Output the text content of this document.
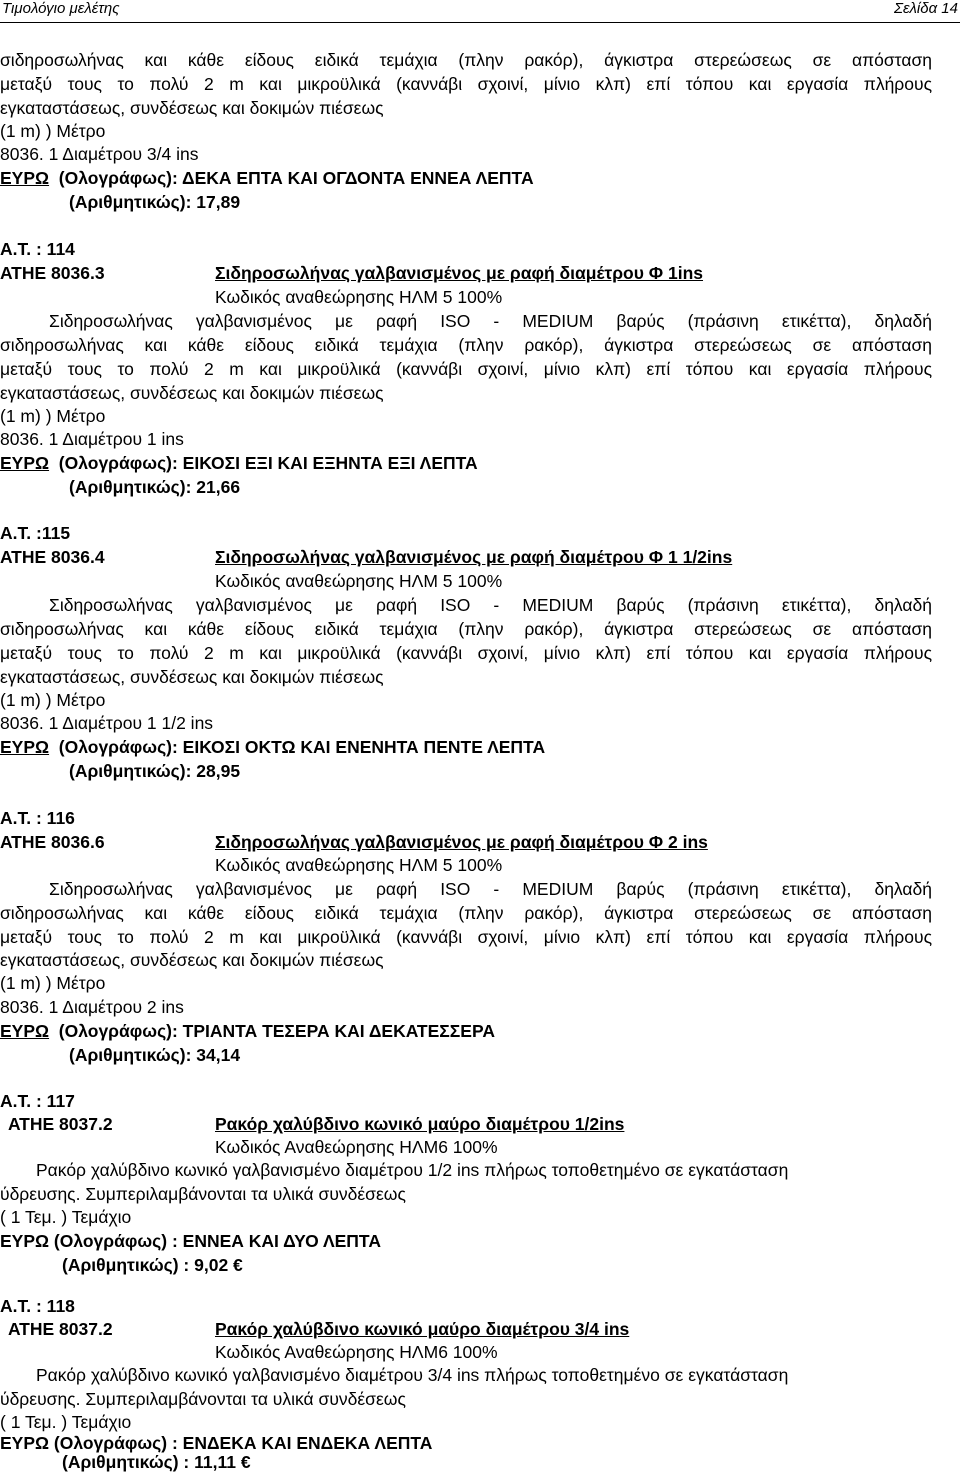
Τιμολόγιο μελέτης	Σελίδα 14
σιδηροσωλήνας και κάθε είδους ειδικά τεμάχια (πλην ρακόρ), άγκιστρα στερεώσεως σε απόσταση
μεταξύ τους το πολύ 2 m και μικροϋλικά (καννάβι σχοινί, μίνιο κλπ) επί τόπου και εργασία πλήρους
εγκαταστάσεως, συνδέσεως και δοκιμών πιέσεως
(1 m) ) Μέτρο
8036. 1 Διαμέτρου 3/4 ins
ΕΥΡΩ (Ολογράφως): ΔΕΚΑ ΕΠΤΑ ΚΑΙ ΟΓΔΟΝΤΑ ΕΝΝΕΑ ΛΕΠΤΑ
(Αριθμητικώς): 17,89
Α.Τ. : 114
ΑΤΗΕ 8036.3	Σιδηροσωλήνας γαλβανισμένος με ραφή διαμέτρου Φ 1ins
Κωδικός αναθεώρησης ΗΛΜ 5 100%
Σιδηροσωλήνας γαλβανισμένος με ραφή ISO - MEDIUM βαρύς (πράσινη ετικέττα), δηλαδή
σιδηροσωλήνας και κάθε είδους ειδικά τεμάχια (πλην ρακόρ), άγκιστρα στερεώσεως σε απόσταση
μεταξύ τους το πολύ 2 m και μικροϋλικά (καννάβι σχοινί, μίνιο κλπ) επί τόπου και εργασία πλήρους
εγκαταστάσεως, συνδέσεως και δοκιμών πιέσεως
(1 m) ) Μέτρο
8036. 1 Διαμέτρου 1 ins
ΕΥΡΩ (Ολογράφως): ΕΙΚΟΣΙ ΕΞΙ ΚΑΙ ΕΞΗΝΤΑ ΕΞΙ ΛΕΠΤΑ
(Αριθμητικώς): 21,66
Α.Τ. :115
ΑΤΗΕ 8036.4	Σιδηροσωλήνας γαλβανισμένος με ραφή διαμέτρου Φ 1 1/2ins
Κωδικός αναθεώρησης ΗΛΜ 5 100%
Σιδηροσωλήνας γαλβανισμένος με ραφή ISO - MEDIUM βαρύς (πράσινη ετικέττα), δηλαδή
σιδηροσωλήνας και κάθε είδους ειδικά τεμάχια (πλην ρακόρ), άγκιστρα στερεώσεως σε απόσταση
μεταξύ τους το πολύ 2 m και μικροϋλικά (καννάβι σχοινί, μίνιο κλπ) επί τόπου και εργασία πλήρους
εγκαταστάσεως, συνδέσεως και δοκιμών πιέσεως
(1 m) ) Μέτρο
8036. 1 Διαμέτρου 1 1/2 ins
ΕΥΡΩ (Ολογράφως): ΕΙΚΟΣΙ ΟΚΤΩ ΚΑΙ ΕΝΕΝΗΤΑ ΠΕΝΤΕ ΛΕΠΤΑ
(Αριθμητικώς): 28,95
Α.Τ. : 116
ΑΤΗΕ 8036.6	Σιδηροσωλήνας γαλβανισμένος με ραφή διαμέτρου Φ 2 ins
Κωδικός αναθεώρησης ΗΛΜ 5 100%
Σιδηροσωλήνας γαλβανισμένος με ραφή ISO - MEDIUM βαρύς (πράσινη ετικέττα), δηλαδή
σιδηροσωλήνας και κάθε είδους ειδικά τεμάχια (πλην ρακόρ), άγκιστρα στερεώσεως σε απόσταση
μεταξύ τους το πολύ 2 m και μικροϋλικά (καννάβι σχοινί, μίνιο κλπ) επί τόπου και εργασία πλήρους
εγκαταστάσεως, συνδέσεως και δοκιμών πιέσεως
(1 m) ) Μέτρο
8036. 1 Διαμέτρου 2 ins
ΕΥΡΩ (Ολογράφως): ΤΡΙΑΝΤΑ ΤΕΣΕΡΑ ΚΑΙ ΔΕΚΑΤΕΣΣΕΡΑ
(Αριθμητικώς): 34,14
Α.Τ. : 117
ΑΤΗΕ 8037.2	Ρακόρ χαλύβδινο κωνικό μαύρο διαμέτρου 1/2ins
Κωδικός Αναθεώρησης ΗΛΜ6 100%
Ρακόρ χαλύβδινο κωνικό γαλβανισμένο διαμέτρου 1/2 ins πλήρως τοποθετημένο σε εγκατάσταση
ύδρευσης. Συμπεριλαμβάνονται τα υλικά συνδέσεως
( 1 Τεμ. ) Τεμάχιο
ΕΥΡΩ (Ολογράφως) : ΕΝΝΕΑ ΚΑΙ ΔΥΟ ΛΕΠΤΑ
(Αριθμητικώς) : 9,02 €
Α.Τ. : 118
ΑΤΗΕ 8037.2	Ρακόρ χαλύβδινο κωνικό μαύρο διαμέτρου 3/4 ins
Κωδικός Αναθεώρησης ΗΛΜ6 100%
Ρακόρ χαλύβδινο κωνικό γαλβανισμένο διαμέτρου 3/4 ins πλήρως τοποθετημένο σε εγκατάσταση
ύδρευσης. Συμπεριλαμβάνονται τα υλικά συνδέσεως
( 1 Τεμ. ) Τεμάχιο
ΕΥΡΩ (Ολογράφως) : ΕΝΔΕΚΑ ΚΑΙ ΕΝΔΕΚΑ ΛΕΠΤΑ
(Αριθμητικώς) : 11,11 €
